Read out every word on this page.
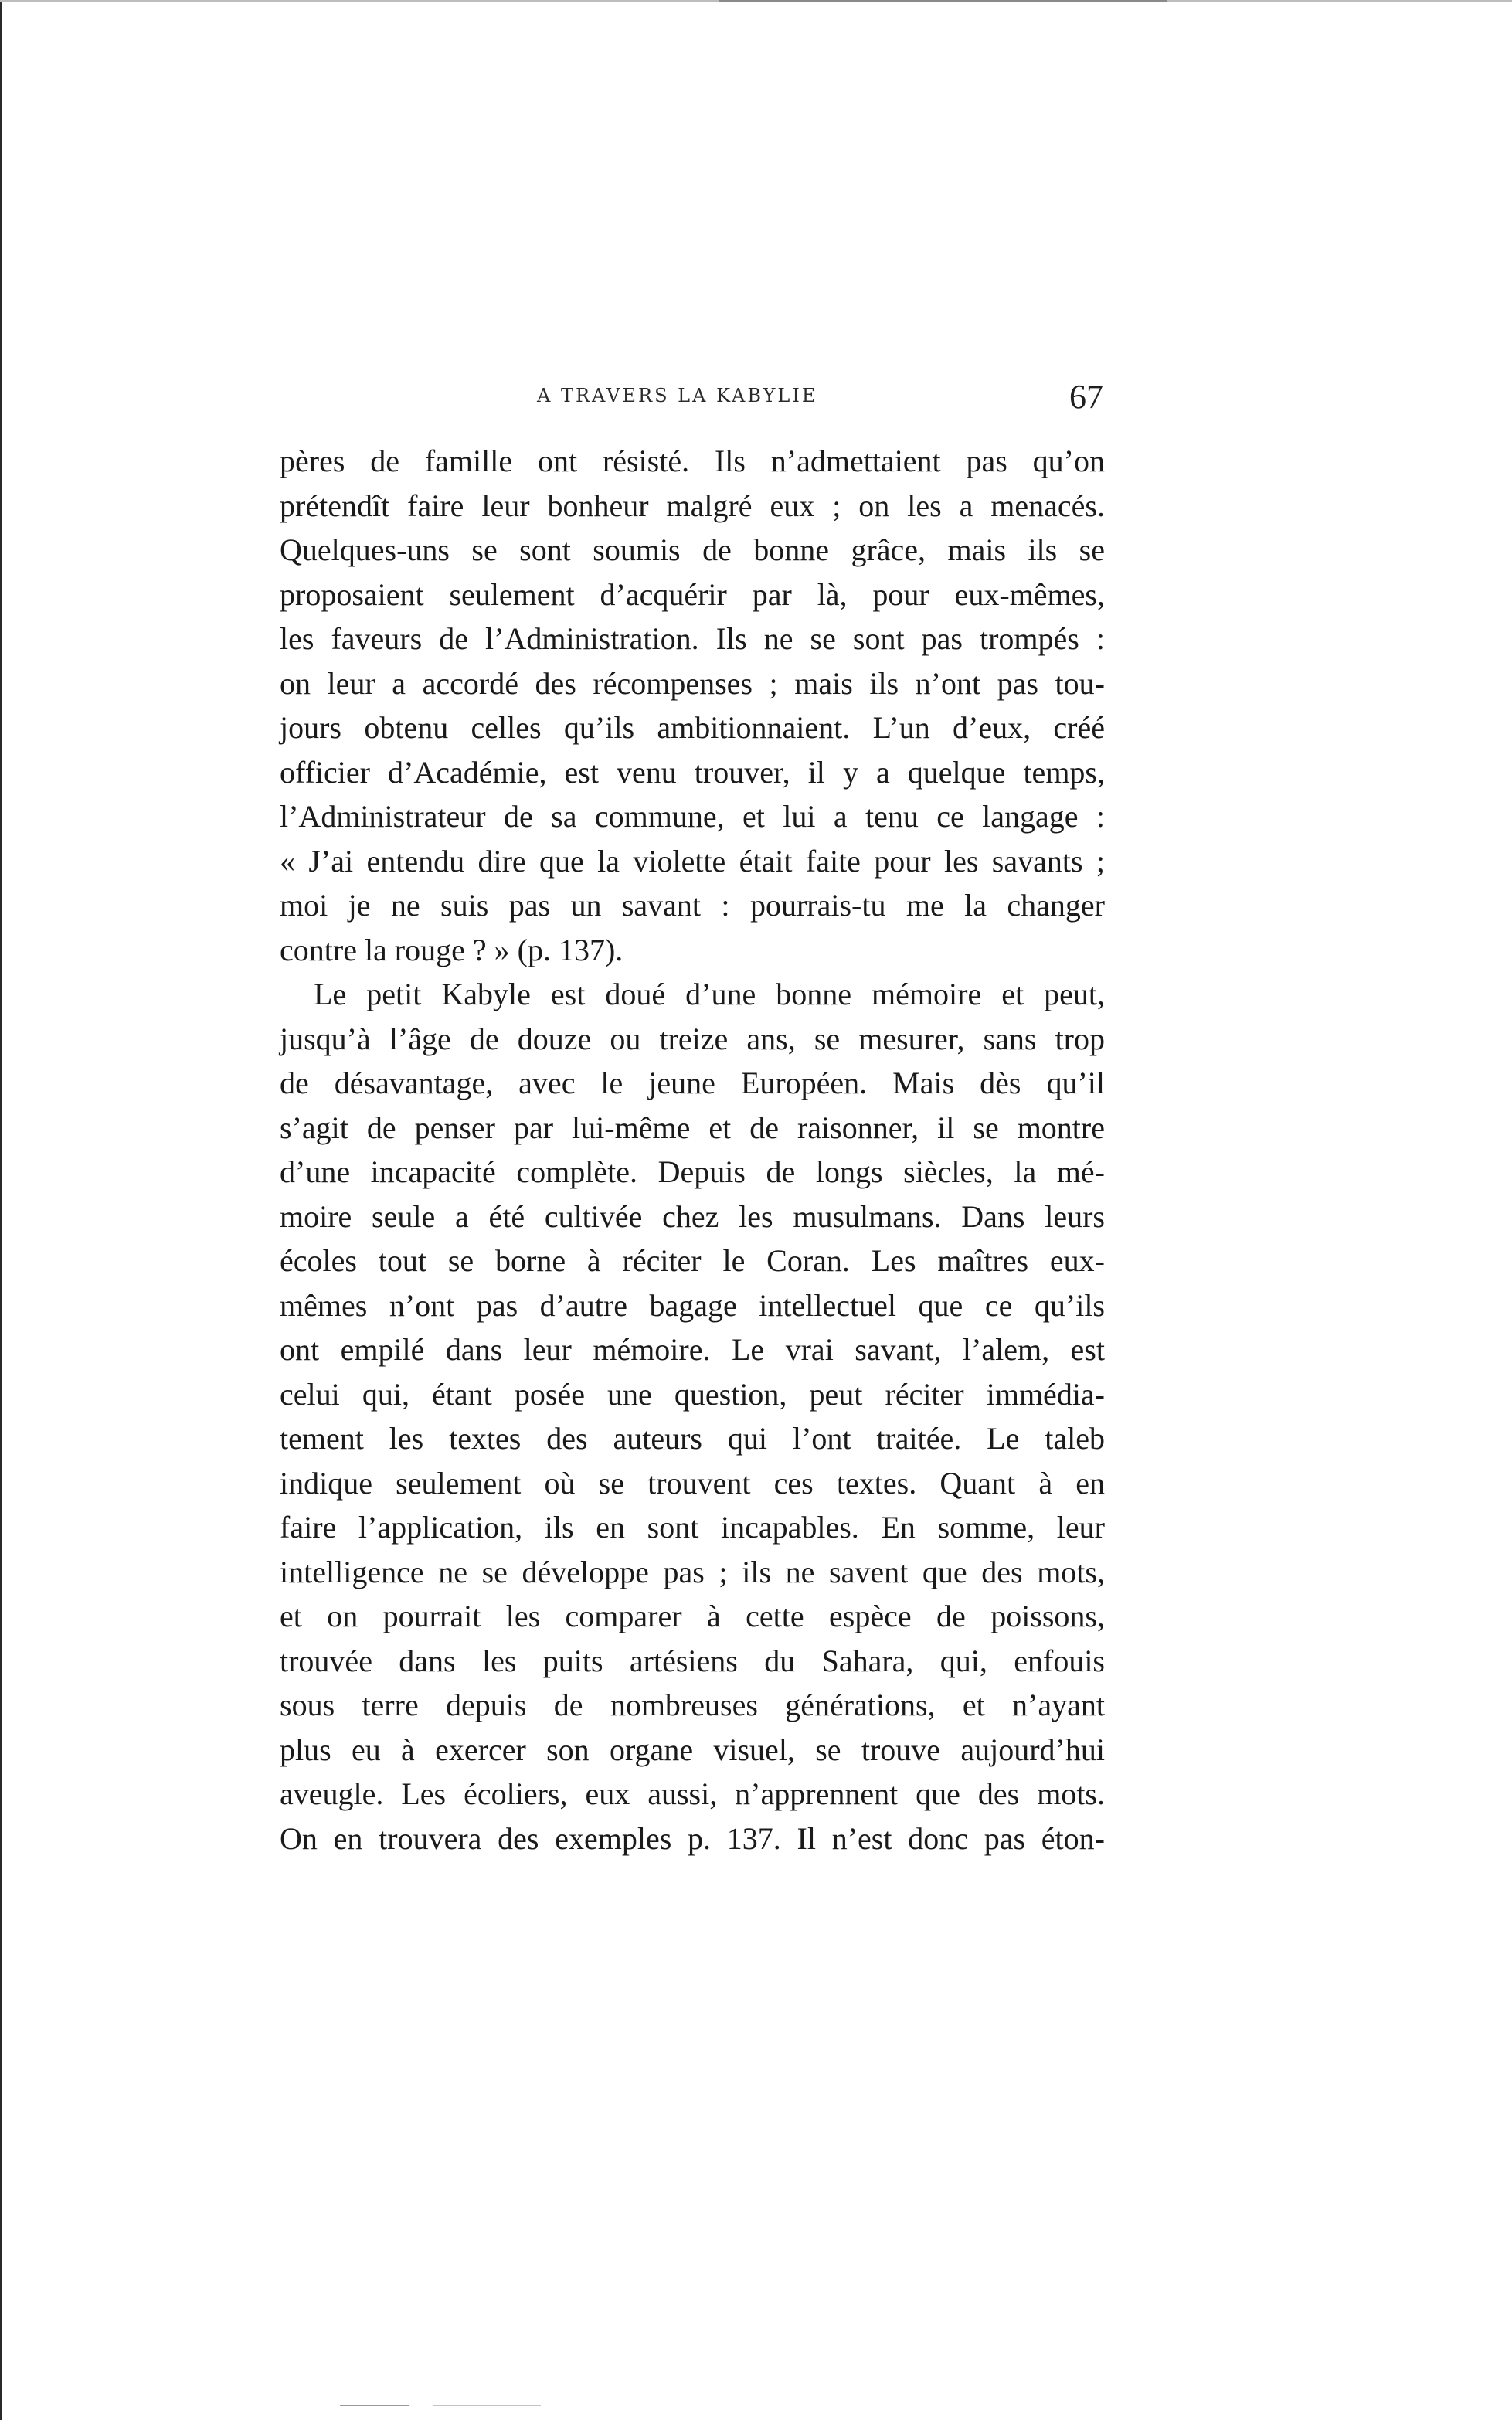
A TRAVERS LA KABYLIE	67
pères de famille ont résisté. Ils n’admettaient pas qu’on
prétendît faire leur bonheur malgré eux ; on les a menacés.
Quelques-uns se sont soumis de bonne grâce, mais ils se
proposaient seulement d’acquérir par là, pour eux-mêmes,
les faveurs de l’Administration. Ils ne se sont pas trompés :
on leur a accordé des récompenses ; mais ils n’ont pas tou-
jours obtenu celles qu’ils ambitionnaient. L’un d’eux, créé
officier d’Académie, est venu trouver, il y a quelque temps,
l’Administrateur de sa commune, et lui a tenu ce langage :
« J’ai entendu dire que la violette était faite pour les savants ;
moi je ne suis pas un savant : pourrais-tu me la changer
contre la rouge ? » (p. 137).
Le petit Kabyle est doué d’une bonne mémoire et peut,
jusqu’à l’âge de douze ou treize ans, se mesurer, sans trop
de désavantage, avec le jeune Européen. Mais dès qu’il
s’agit de penser par lui-même et de raisonner, il se montre
d’une incapacité complète. Depuis de longs siècles, la mé-
moire seule a été cultivée chez les musulmans. Dans leurs
écoles tout se borne à réciter le Coran. Les maîtres eux-
mêmes n’ont pas d’autre bagage intellectuel que ce qu’ils
ont empilé dans leur mémoire. Le vrai savant, l’alem, est
celui qui, étant posée une question, peut réciter immédia-
tement les textes des auteurs qui l’ont traitée. Le taleb
indique seulement où se trouvent ces textes. Quant à en
faire l’application, ils en sont incapables. En somme, leur
intelligence ne se développe pas ; ils ne savent que des mots,
et on pourrait les comparer à cette espèce de poissons,
trouvée dans les puits artésiens du Sahara, qui, enfouis
sous terre depuis de nombreuses générations, et n’ayant
plus eu à exercer son organe visuel, se trouve aujourd’hui
aveugle. Les écoliers, eux aussi, n’apprennent que des mots.
On en trouvera des exemples p. 137. Il n’est donc pas éton-
